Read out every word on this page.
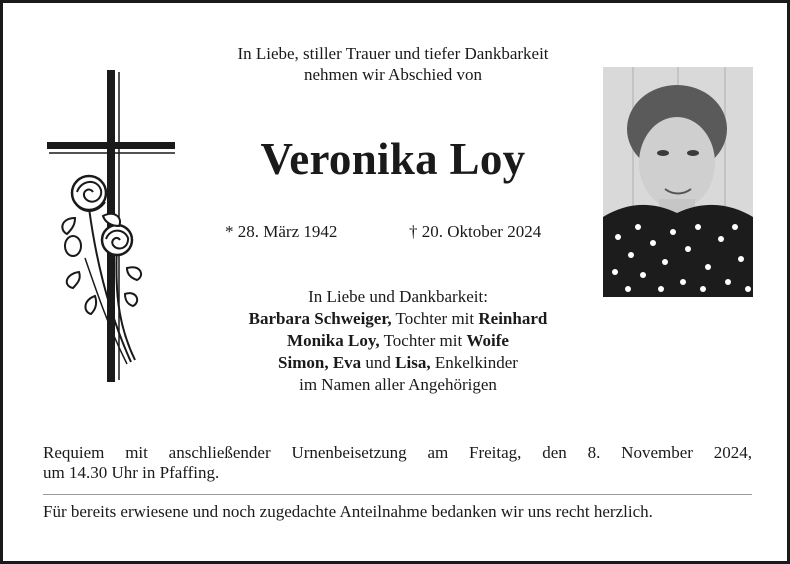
In Liebe, stiller Trauer und tiefer Dankbarkeit
nehmen wir Abschied von
Veronika Loy
* 28. März 1942	† 20. Oktober 2024
In Liebe und Dankbarkeit:
Barbara Schweiger, Tochter mit Reinhard
Monika Loy, Tochter mit Woife
Simon, Eva und Lisa, Enkelkinder
im Namen aller Angehörigen
Requiem mit anschließender Urnenbeisetzung am Freitag, den 8. November 2024,
um 14.30 Uhr in Pfaffing.
Für bereits erwiesene und noch zugedachte Anteilnahme bedanken wir uns recht herzlich.
